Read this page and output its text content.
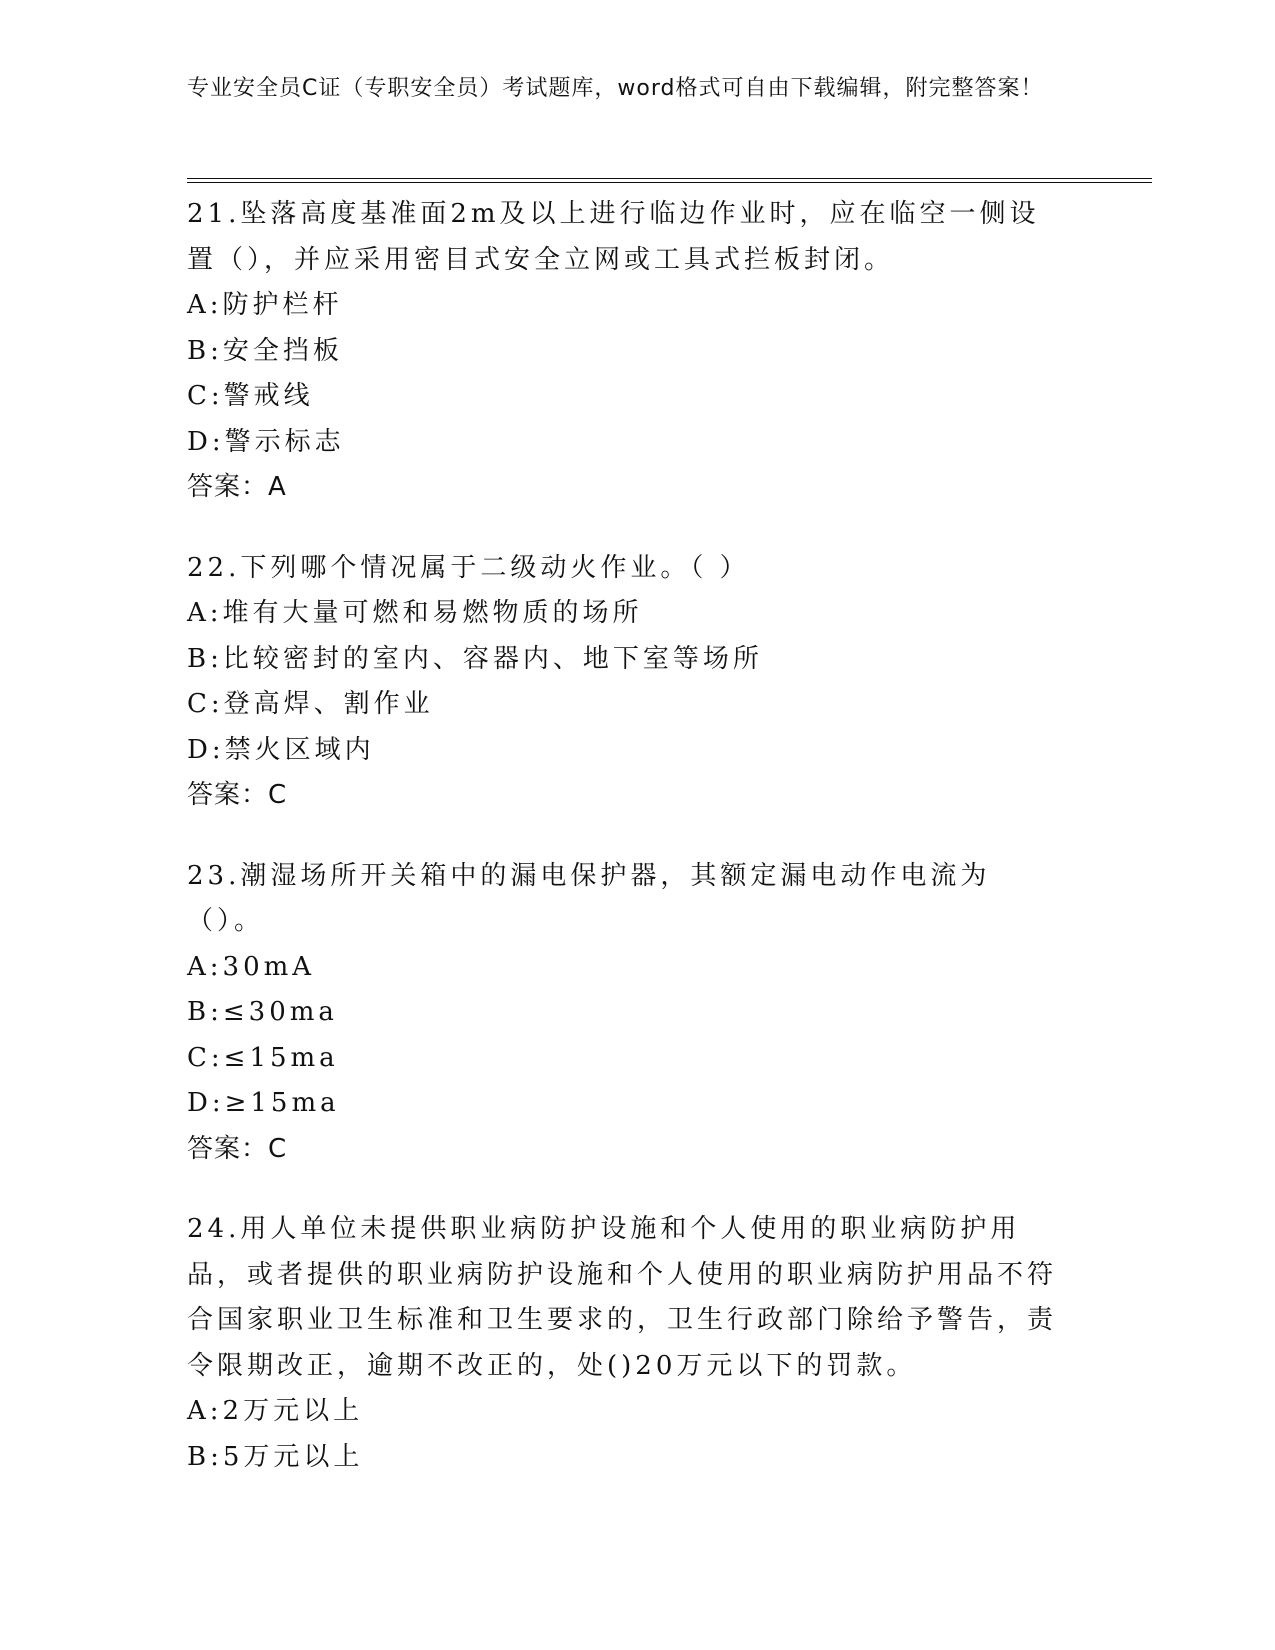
专业安全员C证（专职安全员）考试题库，word格式可自由下载编辑，附完整答案！

21.坠落高度基准面2m及以上进行临边作业时，应在临空一侧设置（），并应采用密目式安全立网或工具式拦板封闭。

A:防护栏杆

B:安全挡板

C:警戒线

D:警示标志

答案：A

22.下列哪个情况属于二级动火作业。（ ）

A:堆有大量可燃和易燃物质的场所

B:比较密封的室内、容器内、地下室等场所

C:登高焊、割作业

D:禁火区域内

答案：C

23.潮湿场所开关箱中的漏电保护器，其额定漏电动作电流为（）。

A:30mA

B:≤30ma

C:≤15ma

D:≥15ma

答案：C

24.用人单位未提供职业病防护设施和个人使用的职业病防护用品，或者提供的职业病防护设施和个人使用的职业病防护用品不符合国家职业卫生标准和卫生要求的，卫生行政部门除给予警告，责令限期改正，逾期不改正的，处()20万元以下的罚款。

A:2万元以上

B:5万元以上
